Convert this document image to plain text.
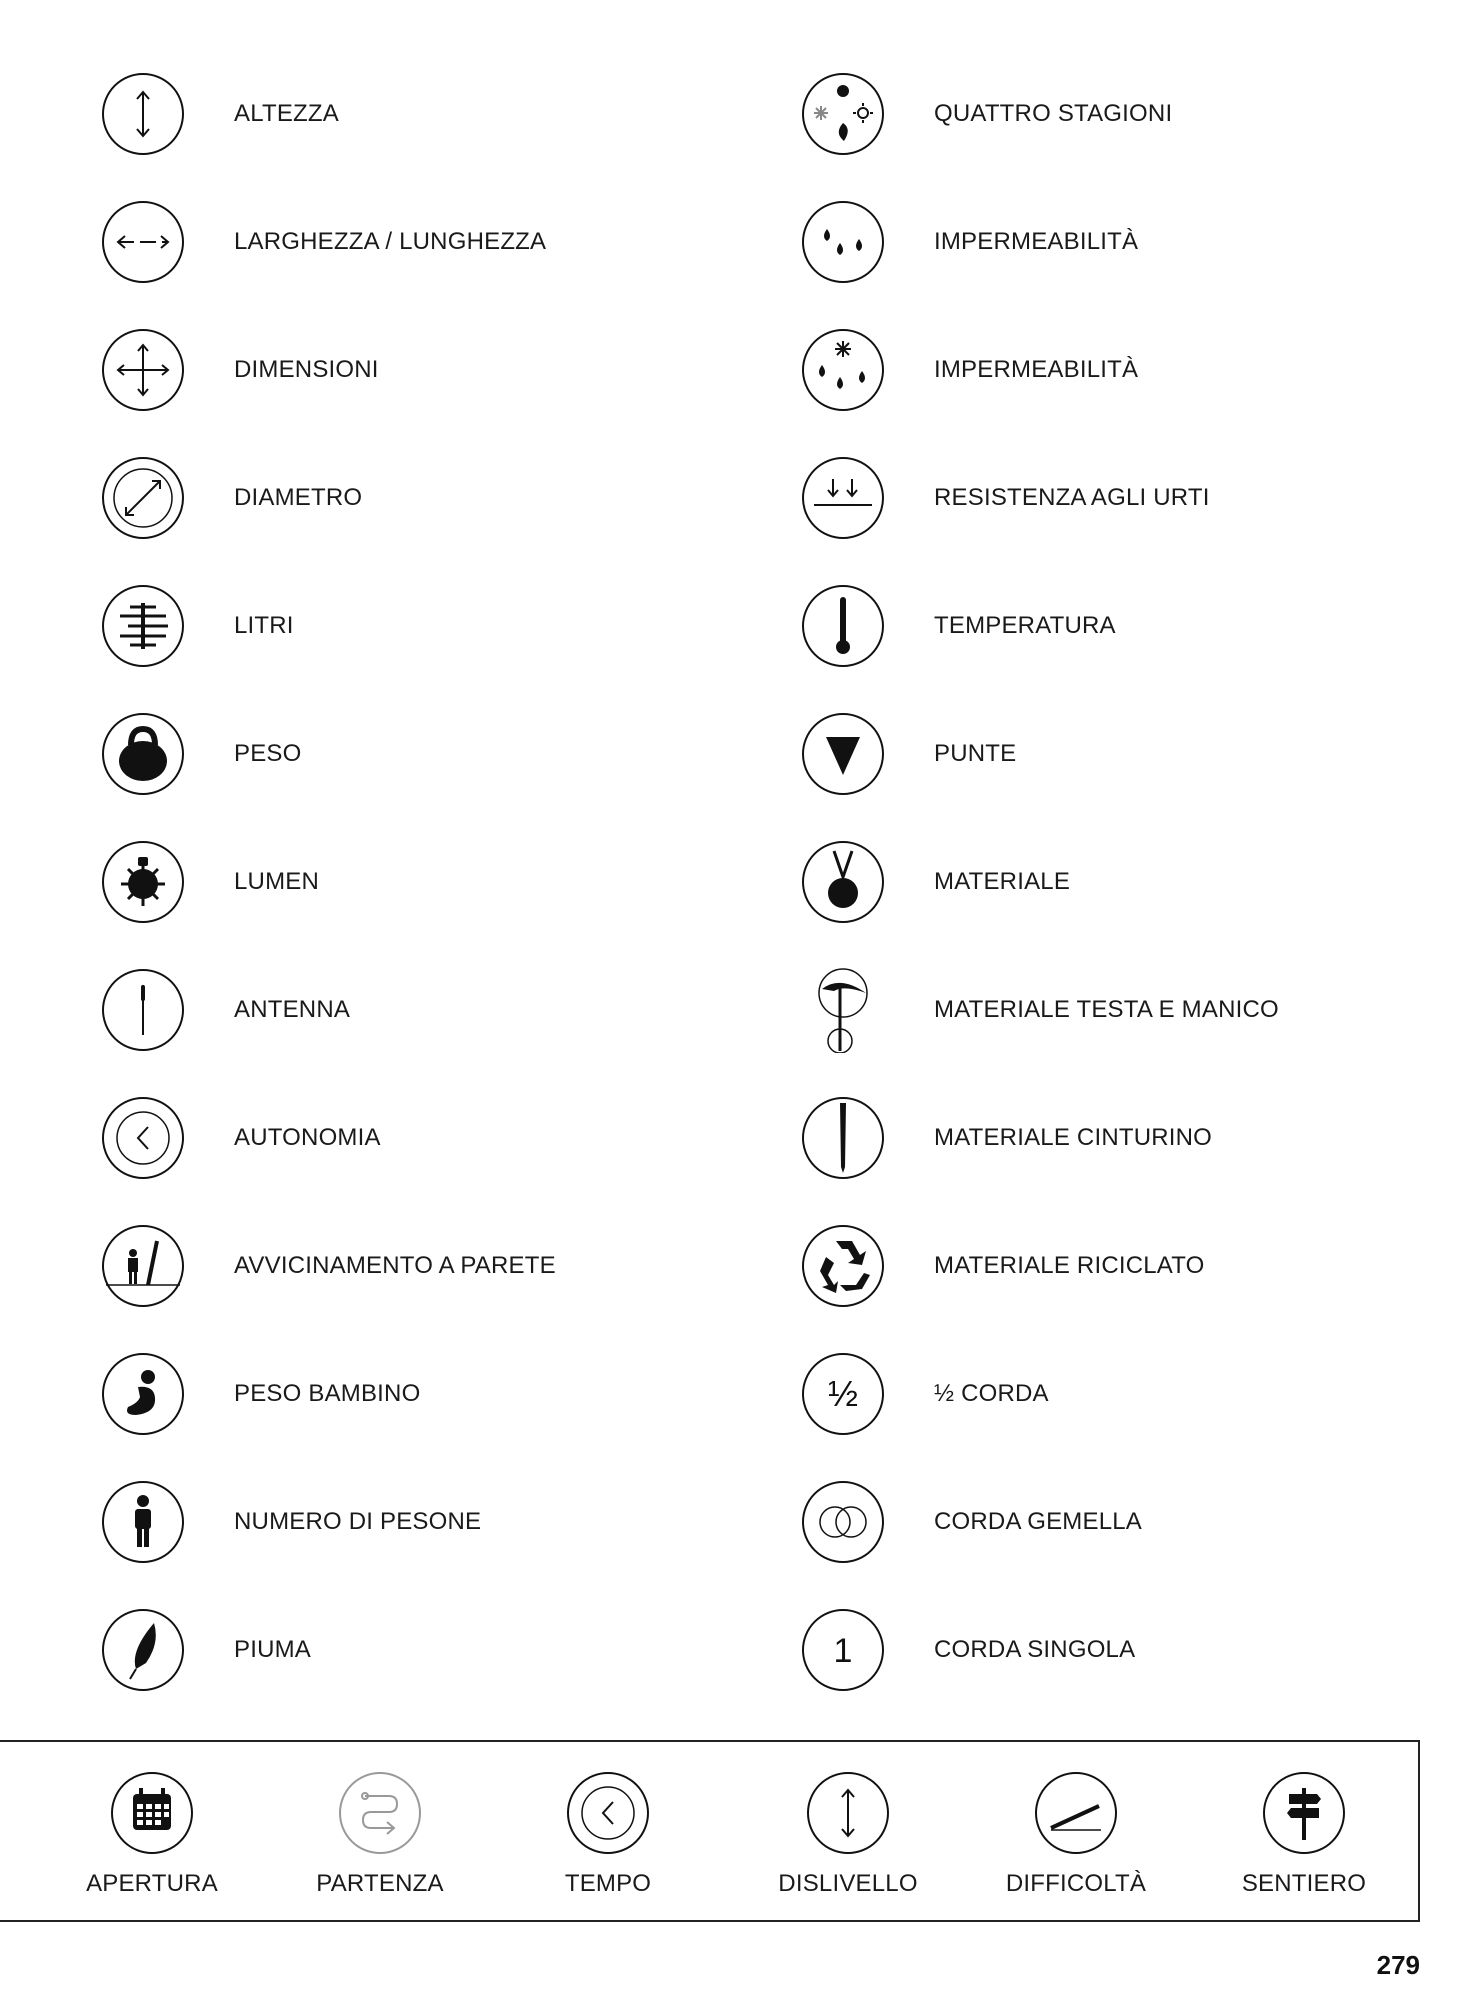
ALTEZZA
LARGHEZZA / LUNGHEZZA
DIMENSIONI
DIAMETRO
LITRI
PESO
LUMEN
ANTENNA
AUTONOMIA
AVVICINAMENTO A PARETE
PESO BAMBINO
NUMERO DI PESONE
PIUMA
QUATTRO STAGIONI
IMPERMEABILITÀ
IMPERMEABILITÀ
RESISTENZA AGLI URTI
TEMPERATURA
PUNTE
MATERIALE
MATERIALE TESTA E MANICO
MATERIALE CINTURINO
MATERIALE RICICLATO
½	½ CORDA
CORDA GEMELLA
1	CORDA SINGOLA
APERTURA	PARTENZA	TEMPO	DISLIVELLO	DIFFICOLTÀ	SENTIERO
279
